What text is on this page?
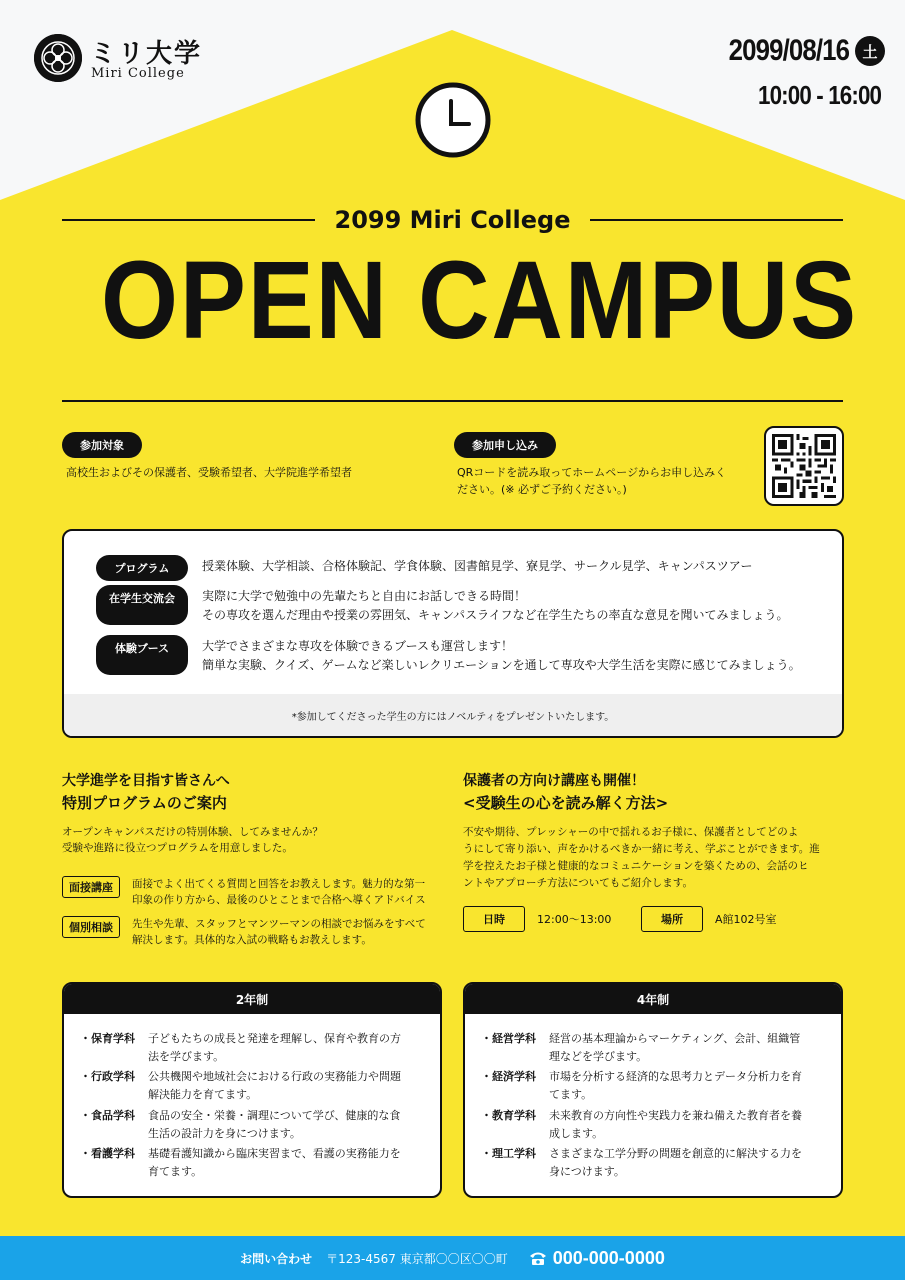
ミリ大学
Miri College
2099/08/16 土
10:00 - 16:00
2099 Miri College
OPEN CAMPUS
参加対象
高校生およびその保護者、受験希望者、大学院進学希望者
参加申し込み
QRコードを読み取ってホームページからお申し込みく
ださい。(※ 必ずご予約ください。)
プログラム	授業体験、大学相談、合格体験記、学食体験、図書館見学、寮見学、サークル見学、キャンパスツアー
在学生交流会	実際に大学で勉強中の先輩たちと自由にお話しできる時間！
その専攻を選んだ理由や授業の雰囲気、キャンパスライフなど在学生たちの率直な意見を聞いてみましょう。
体験ブース	大学でさまざまな専攻を体験できるブースも運営します！
簡単な実験、クイズ、ゲームなど楽しいレクリエーションを通して専攻や大学生活を実際に感じてみましょう。
*参加してくださった学生の方にはノベルティをプレゼントいたします。
大学進学を目指す皆さんへ
特別プログラムのご案内
オープンキャンパスだけの特別体験、してみませんか？
受験や進路に役立つプログラムを用意しました。
面接講座	面接でよく出てくる質問と回答をお教えします。魅力的な第一
印象の作り方から、最後のひとことまで合格へ導くアドバイス
個別相談	先生や先輩、スタッフとマンツーマンの相談でお悩みをすべて
解決します。具体的な入試の戦略もお教えします。
保護者の方向け講座も開催！
<受験生の心を読み解く方法>
不安や期待、プレッシャーの中で揺れるお子様に、保護者としてどのよ
うにして寄り添い、声をかけるべきか一緒に考え、学ぶことができます。進
学を控えたお子様と健康的なコミュニケーションを築くための、会話のヒ
ントやアプローチ方法についてもご紹介します。
日時	12:00〜13:00	場所	A館102号室
2年制
・保育学科	子どもたちの成長と発達を理解し、保育や教育の方
法を学びます。
・行政学科	公共機関や地域社会における行政の実務能力や問題
解決能力を育てます。
・食品学科	食品の安全・栄養・調理について学び、健康的な食
生活の設計力を身につけます。
・看護学科	基礎看護知識から臨床実習まで、看護の実務能力を
育てます。
4年制
・経営学科	経営の基本理論からマーケティング、会計、組織管
理などを学びます。
・経済学科	市場を分析する経済的な思考力とデータ分析力を育
てます。
・教育学科	未来教育の方向性や実践力を兼ね備えた教育者を養
成します。
・理工学科	さまざまな工学分野の問題を創意的に解決する力を
身につけます。
お問い合わせ 〒123-4567 東京都〇〇区〇〇町	000-000-0000
